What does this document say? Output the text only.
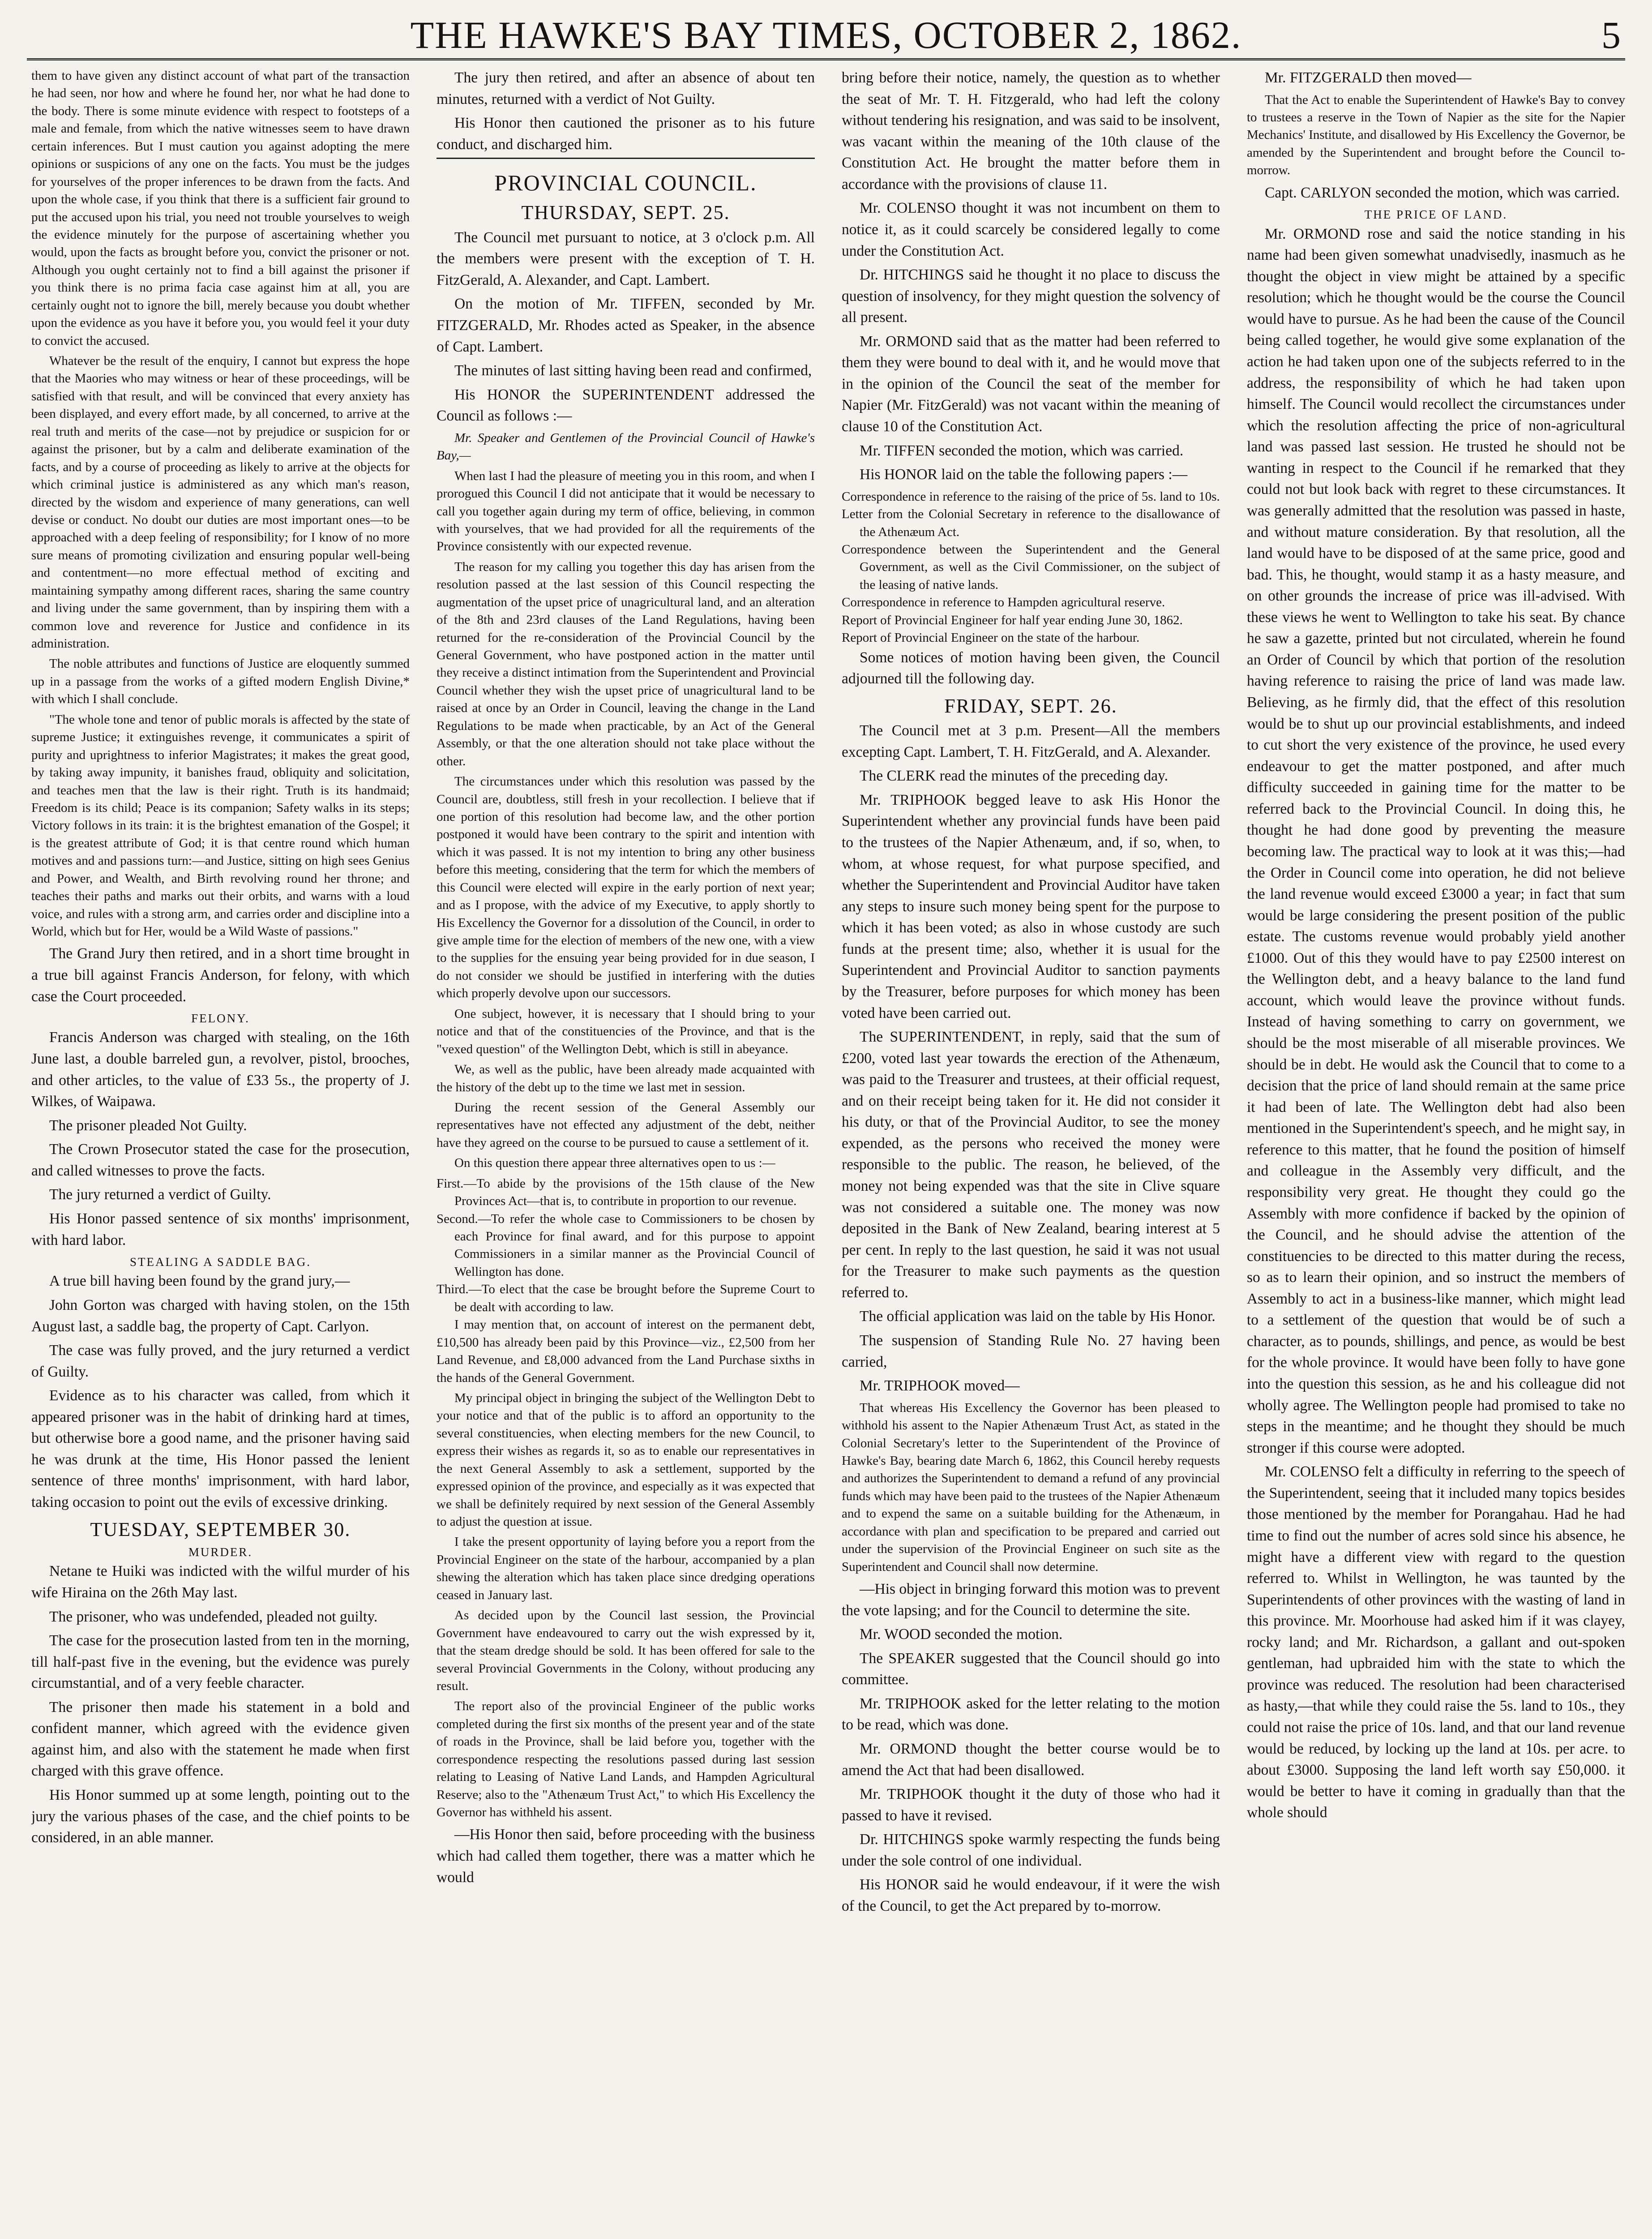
THE HAWKE'S BAY TIMES, OCTOBER 2, 1862.	5
them to have given any distinct account of what part of the transaction he had seen, nor how and where he found her, nor what he had done to the body. There is some minute evidence with respect to footsteps of a male and female, from which the native witnesses seem to have drawn certain inferences. But I must caution you against adopting the mere opinions or suspicions of any one on the facts. You must be the judges for yourselves of the proper inferences to be drawn from the facts. And upon the whole case, if you think that there is a sufficient fair ground to put the accused upon his trial, you need not trouble yourselves to weigh the evidence minutely for the purpose of ascertaining whether you would, upon the facts as brought before you, convict the prisoner or not. Although you ought certainly not to find a bill against the prisoner if you think there is no prima facia case against him at all, you are certainly ought not to ignore the bill, merely because you doubt whether upon the evidence as you have it before you, you would feel it your duty to convict the accused.
Whatever be the result of the enquiry, I cannot but express the hope that the Maories who may witness or hear of these proceedings, will be satisfied with that result, and will be convinced that every anxiety has been displayed, and every effort made, by all concerned, to arrive at the real truth and merits of the case—not by prejudice or suspicion for or against the prisoner, but by a calm and deliberate examination of the facts, and by a course of proceeding as likely to arrive at the objects for which criminal justice is administered as any which man's reason, directed by the wisdom and experience of many generations, can well devise or conduct. No doubt our duties are most important ones—to be approached with a deep feeling of responsibility; for I know of no more sure means of promoting civilization and ensuring popular well-being and contentment—no more effectual method of exciting and maintaining sympathy among different races, sharing the same country and living under the same government, than by inspiring them with a common love and reverence for Justice and confidence in its administration.
The noble attributes and functions of Justice are eloquently summed up in a passage from the works of a gifted modern English Divine,* with which I shall conclude.
"The whole tone and tenor of public morals is affected by the state of supreme Justice; it extinguishes revenge, it communicates a spirit of purity and uprightness to inferior Magistrates; it makes the great good, by taking away impunity, it banishes fraud, obliquity and solicitation, and teaches men that the law is their right. Truth is its handmaid; Freedom is its child; Peace is its companion; Safety walks in its steps; Victory follows in its train: it is the brightest emanation of the Gospel; it is the greatest attribute of God; it is that centre round which human motives and and passions turn:—and Justice, sitting on high sees Genius and Power, and Wealth, and Birth revolving round her throne; and teaches their paths and marks out their orbits, and warns with a loud voice, and rules with a strong arm, and carries order and discipline into a World, which but for Her, would be a Wild Waste of passions."
The Grand Jury then retired, and in a short time brought in a true bill against Francis Anderson, for felony, with which case the Court proceeded.
FELONY.
Francis Anderson was charged with stealing, on the 16th June last, a double barreled gun, a revolver, pistol, brooches, and other articles, to the value of £33 5s., the property of J. Wilkes, of Waipawa.
The prisoner pleaded Not Guilty.
The Crown Prosecutor stated the case for the prosecution, and called witnesses to prove the facts.
The jury returned a verdict of Guilty.
His Honor passed sentence of six months' imprisonment, with hard labor.
STEALING A SADDLE BAG.
A true bill having been found by the grand jury,—
John Gorton was charged with having stolen, on the 15th August last, a saddle bag, the property of Capt. Carlyon.
The case was fully proved, and the jury returned a verdict of Guilty.
Evidence as to his character was called, from which it appeared prisoner was in the habit of drinking hard at times, but otherwise bore a good name, and the prisoner having said he was drunk at the time, His Honor passed the lenient sentence of three months' imprisonment, with hard labor, taking occasion to point out the evils of excessive drinking.
TUESDAY, SEPTEMBER 30.
MURDER.
Netane te Huiki was indicted with the wilful murder of his wife Hiraina on the 26th May last.
The prisoner, who was undefended, pleaded not guilty.
The case for the prosecution lasted from ten in the morning, till half-past five in the evening, but the evidence was purely circumstantial, and of a very feeble character.
The prisoner then made his statement in a bold and confident manner, which agreed with the evidence given against him, and also with the statement he made when first charged with this grave offence.
His Honor summed up at some length, pointing out to the jury the various phases of the case, and the chief points to be considered, in an able manner.
The jury then retired, and after an absence of about ten minutes, returned with a verdict of Not Guilty.
His Honor then cautioned the prisoner as to his future conduct, and discharged him.
PROVINCIAL COUNCIL.
THURSDAY, SEPT. 25.
The Council met pursuant to notice, at 3 o'clock p.m. All the members were present with the exception of T. H. FitzGerald, A. Alexander, and Capt. Lambert.
On the motion of Mr. TIFFEN, seconded by Mr. FITZGERALD, Mr. Rhodes acted as Speaker, in the absence of Capt. Lambert.
The minutes of last sitting having been read and confirmed,
His HONOR the SUPERINTENDENT addressed the Council as follows :—
Mr. Speaker and Gentlemen of the Provincial Council of Hawke's Bay,—
When last I had the pleasure of meeting you in this room, and when I prorogued this Council I did not anticipate that it would be necessary to call you together again during my term of office, believing, in common with yourselves, that we had provided for all the requirements of the Province consistently with our expected revenue.
The reason for my calling you together this day has arisen from the resolution passed at the last session of this Council respecting the augmentation of the upset price of unagricultural land, and an alteration of the 8th and 23rd clauses of the Land Regulations, having been returned for the re-consideration of the Provincial Council by the General Government, who have postponed action in the matter until they receive a distinct intimation from the Superintendent and Provincial Council whether they wish the upset price of unagricultural land to be raised at once by an Order in Council, leaving the change in the Land Regulations to be made when practicable, by an Act of the General Assembly, or that the one alteration should not take place without the other.
The circumstances under which this resolution was passed by the Council are, doubtless, still fresh in your recollection. I believe that if one portion of this resolution had become law, and the other portion postponed it would have been contrary to the spirit and intention with which it was passed. It is not my intention to bring any other business before this meeting, considering that the term for which the members of this Council were elected will expire in the early portion of next year; and as I propose, with the advice of my Executive, to apply shortly to His Excellency the Governor for a dissolution of the Council, in order to give ample time for the election of members of the new one, with a view to the supplies for the ensuing year being provided for in due season, I do not consider we should be justified in interfering with the duties which properly devolve upon our successors.
One subject, however, it is necessary that I should bring to your notice and that of the constituencies of the Province, and that is the "vexed question" of the Wellington Debt, which is still in abeyance.
We, as well as the public, have been already made acquainted with the history of the debt up to the time we last met in session.
During the recent session of the General Assembly our representatives have not effected any adjustment of the debt, neither have they agreed on the course to be pursued to cause a settlement of it.
On this question there appear three alternatives open to us :—
First.—To abide by the provisions of the 15th clause of the New Provinces Act—that is, to contribute in proportion to our revenue.
Second.—To refer the whole case to Commissioners to be chosen by each Province for final award, and for this purpose to appoint Commissioners in a similar manner as the Provincial Council of Wellington has done.
Third.—To elect that the case be brought before the Supreme Court to be dealt with according to law.
I may mention that, on account of interest on the permanent debt, £10,500 has already been paid by this Province—viz., £2,500 from her Land Revenue, and £8,000 advanced from the Land Purchase sixths in the hands of the General Government.
My principal object in bringing the subject of the Wellington Debt to your notice and that of the public is to afford an opportunity to the several constituencies, when electing members for the new Council, to express their wishes as regards it, so as to enable our representatives in the next General Assembly to ask a settlement, supported by the expressed opinion of the province, and especially as it was expected that we shall be definitely required by next session of the General Assembly to adjust the question at issue.
I take the present opportunity of laying before you a report from the Provincial Engineer on the state of the harbour, accompanied by a plan shewing the alteration which has taken place since dredging operations ceased in January last.
As decided upon by the Council last session, the Provincial Government have endeavoured to carry out the wish expressed by it, that the steam dredge should be sold. It has been offered for sale to the several Provincial Governments in the Colony, without producing any result.
The report also of the provincial Engineer of the public works completed during the first six months of the present year and of the state of roads in the Province, shall be laid before you, together with the correspondence respecting the resolutions passed during last session relating to Leasing of Native Land Lands, and Hampden Agricultural Reserve; also to the "Athenæum Trust Act," to which His Excellency the Governor has withheld his assent.
—His Honor then said, before proceeding with the business which had called them together, there was a matter which he would
bring before their notice, namely, the question as to whether the seat of Mr. T. H. Fitzgerald, who had left the colony without tendering his resignation, and was said to be insolvent, was vacant within the meaning of the 10th clause of the Constitution Act. He brought the matter before them in accordance with the provisions of clause 11.
Mr. COLENSO thought it was not incumbent on them to notice it, as it could scarcely be considered legally to come under the Constitution Act.
Dr. HITCHINGS said he thought it no place to discuss the question of insolvency, for they might question the solvency of all present.
Mr. ORMOND said that as the matter had been referred to them they were bound to deal with it, and he would move that in the opinion of the Council the seat of the member for Napier (Mr. FitzGerald) was not vacant within the meaning of clause 10 of the Constitution Act.
Mr. TIFFEN seconded the motion, which was carried.
His HONOR laid on the table the following papers :—
Correspondence in reference to the raising of the price of 5s. land to 10s.
Letter from the Colonial Secretary in reference to the disallowance of the Athenæum Act.
Correspondence between the Superintendent and the General Government, as well as the Civil Commissioner, on the subject of the leasing of native lands.
Correspondence in reference to Hampden agricultural reserve.
Report of Provincial Engineer for half year ending June 30, 1862.
Report of Provincial Engineer on the state of the harbour.
Some notices of motion having been given, the Council adjourned till the following day.
FRIDAY, SEPT. 26.
The Council met at 3 p.m. Present—All the members excepting Capt. Lambert, T. H. FitzGerald, and A. Alexander.
The CLERK read the minutes of the preceding day.
Mr. TRIPHOOK begged leave to ask His Honor the Superintendent whether any provincial funds have been paid to the trustees of the Napier Athenæum, and, if so, when, to whom, at whose request, for what purpose specified, and whether the Superintendent and Provincial Auditor have taken any steps to insure such money being spent for the purpose to which it has been voted; as also in whose custody are such funds at the present time; also, whether it is usual for the Superintendent and Provincial Auditor to sanction payments by the Treasurer, before purposes for which money has been voted have been carried out.
The SUPERINTENDENT, in reply, said that the sum of £200, voted last year towards the erection of the Athenæum, was paid to the Treasurer and trustees, at their official request, and on their receipt being taken for it. He did not consider it his duty, or that of the Provincial Auditor, to see the money expended, as the persons who received the money were responsible to the public. The reason, he believed, of the money not being expended was that the site in Clive square was not considered a suitable one. The money was now deposited in the Bank of New Zealand, bearing interest at 5 per cent. In reply to the last question, he said it was not usual for the Treasurer to make such payments as the question referred to.
The official application was laid on the table by His Honor.
The suspension of Standing Rule No. 27 having been carried,
Mr. TRIPHOOK moved—
That whereas His Excellency the Governor has been pleased to withhold his assent to the Napier Athenæum Trust Act, as stated in the Colonial Secretary's letter to the Superintendent of the Province of Hawke's Bay, bearing date March 6, 1862, this Council hereby requests and authorizes the Superintendent to demand a refund of any provincial funds which may have been paid to the trustees of the Napier Athenæum and to expend the same on a suitable building for the Athenæum, in accordance with plan and specification to be prepared and carried out under the supervision of the Provincial Engineer on such site as the Superintendent and Council shall now determine.
—His object in bringing forward this motion was to prevent the vote lapsing; and for the Council to determine the site.
Mr. WOOD seconded the motion.
The SPEAKER suggested that the Council should go into committee.
Mr. TRIPHOOK asked for the letter relating to the motion to be read, which was done.
Mr. ORMOND thought the better course would be to amend the Act that had been disallowed.
Mr. TRIPHOOK thought it the duty of those who had it passed to have it revised.
Dr. HITCHINGS spoke warmly respecting the funds being under the sole control of one individual.
His HONOR said he would endeavour, if it were the wish of the Council, to get the Act prepared by to-morrow.
Mr. FITZGERALD then moved—
That the Act to enable the Superintendent of Hawke's Bay to convey to trustees a reserve in the Town of Napier as the site for the Napier Mechanics' Institute, and disallowed by His Excellency the Governor, be amended by the Superintendent and brought before the Council to-morrow.
Capt. CARLYON seconded the motion, which was carried.
THE PRICE OF LAND.
Mr. ORMOND rose and said the notice standing in his name had been given somewhat unadvisedly, inasmuch as he thought the object in view might be attained by a specific resolution; which he thought would be the course the Council would have to pursue. As he had been the cause of the Council being called together, he would give some explanation of the action he had taken upon one of the subjects referred to in the address, the responsibility of which he had taken upon himself. The Council would recollect the circumstances under which the resolution affecting the price of non-agricultural land was passed last session. He trusted he should not be wanting in respect to the Council if he remarked that they could not but look back with regret to these circumstances. It was generally admitted that the resolution was passed in haste, and without mature consideration. By that resolution, all the land would have to be disposed of at the same price, good and bad. This, he thought, would stamp it as a hasty measure, and on other grounds the increase of price was ill-advised. With these views he went to Wellington to take his seat. By chance he saw a gazette, printed but not circulated, wherein he found an Order of Council by which that portion of the resolution having reference to raising the price of land was made law. Believing, as he firmly did, that the effect of this resolution would be to shut up our provincial establishments, and indeed to cut short the very existence of the province, he used every endeavour to get the matter postponed, and after much difficulty succeeded in gaining time for the matter to be referred back to the Provincial Council. In doing this, he thought he had done good by preventing the measure becoming law. The practical way to look at it was this;—had the Order in Council come into operation, he did not believe the land revenue would exceed £3000 a year; in fact that sum would be large considering the present position of the public estate. The customs revenue would probably yield another £1000. Out of this they would have to pay £2500 interest on the Wellington debt, and a heavy balance to the land fund account, which would leave the province without funds. Instead of having something to carry on government, we should be the most miserable of all miserable provinces. We should be in debt. He would ask the Council that to come to a decision that the price of land should remain at the same price it had been of late. The Wellington debt had also been mentioned in the Superintendent's speech, and he might say, in reference to this matter, that he found the position of himself and colleague in the Assembly very difficult, and the responsibility very great. He thought they could go the Assembly with more confidence if backed by the opinion of the Council, and he should advise the attention of the constituencies to be directed to this matter during the recess, so as to learn their opinion, and so instruct the members of Assembly to act in a business-like manner, which might lead to a settlement of the question that would be of such a character, as to pounds, shillings, and pence, as would be best for the whole province. It would have been folly to have gone into the question this session, as he and his colleague did not wholly agree. The Wellington people had promised to take no steps in the meantime; and he thought they should be much stronger if this course were adopted.
Mr. COLENSO felt a difficulty in referring to the speech of the Superintendent, seeing that it included many topics besides those mentioned by the member for Porangahau. Had he had time to find out the number of acres sold since his absence, he might have a different view with regard to the question referred to. Whilst in Wellington, he was taunted by the Superintendents of other provinces with the wasting of land in this province. Mr. Moorhouse had asked him if it was clayey, rocky land; and Mr. Richardson, a gallant and out-spoken gentleman, had upbraided him with the state to which the province was reduced. The resolution had been characterised as hasty,—that while they could raise the 5s. land to 10s., they could not raise the price of 10s. land, and that our land revenue would be reduced, by locking up the land at 10s. per acre. to about £3000. Supposing the land left worth say £50,000. it would be better to have it coming in gradually than that the whole should
